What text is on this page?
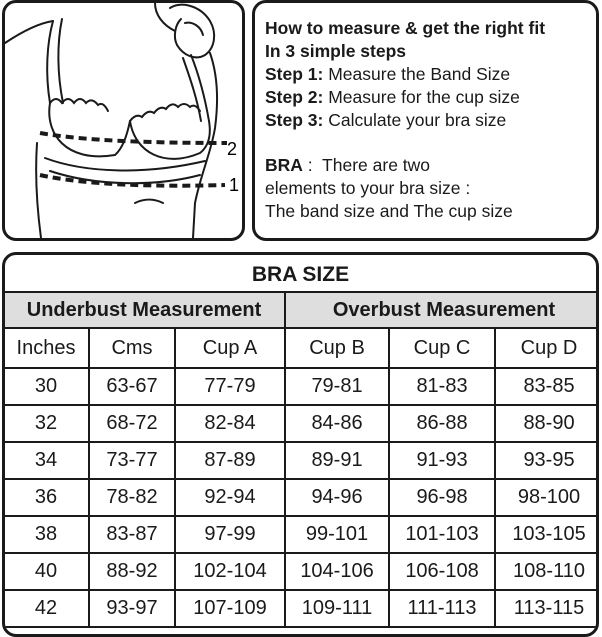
2
1
How to measure & get the right fit
In 3 simple steps
Step 1: Measure the Band Size
Step 2: Measure for the cup size
Step 3: Calculate your bra size
BRA :  There are two
elements to your bra size :
The band size and The cup size
BRA SIZE
Underbust Measurement			Overbust Measurement		
Inches	Cms	Cup A	Cup B	Cup C	Cup D
30	63-67	77-79	79-81	81-83	83-85
32	68-72	82-84	84-86	86-88	88-90
34	73-77	87-89	89-91	91-93	93-95
36	78-82	92-94	94-96	96-98	98-100
38	83-87	97-99	99-101	101-103	103-105
40	88-92	102-104	104-106	106-108	108-110
42	93-97	107-109	109-111	111-113	113-115
